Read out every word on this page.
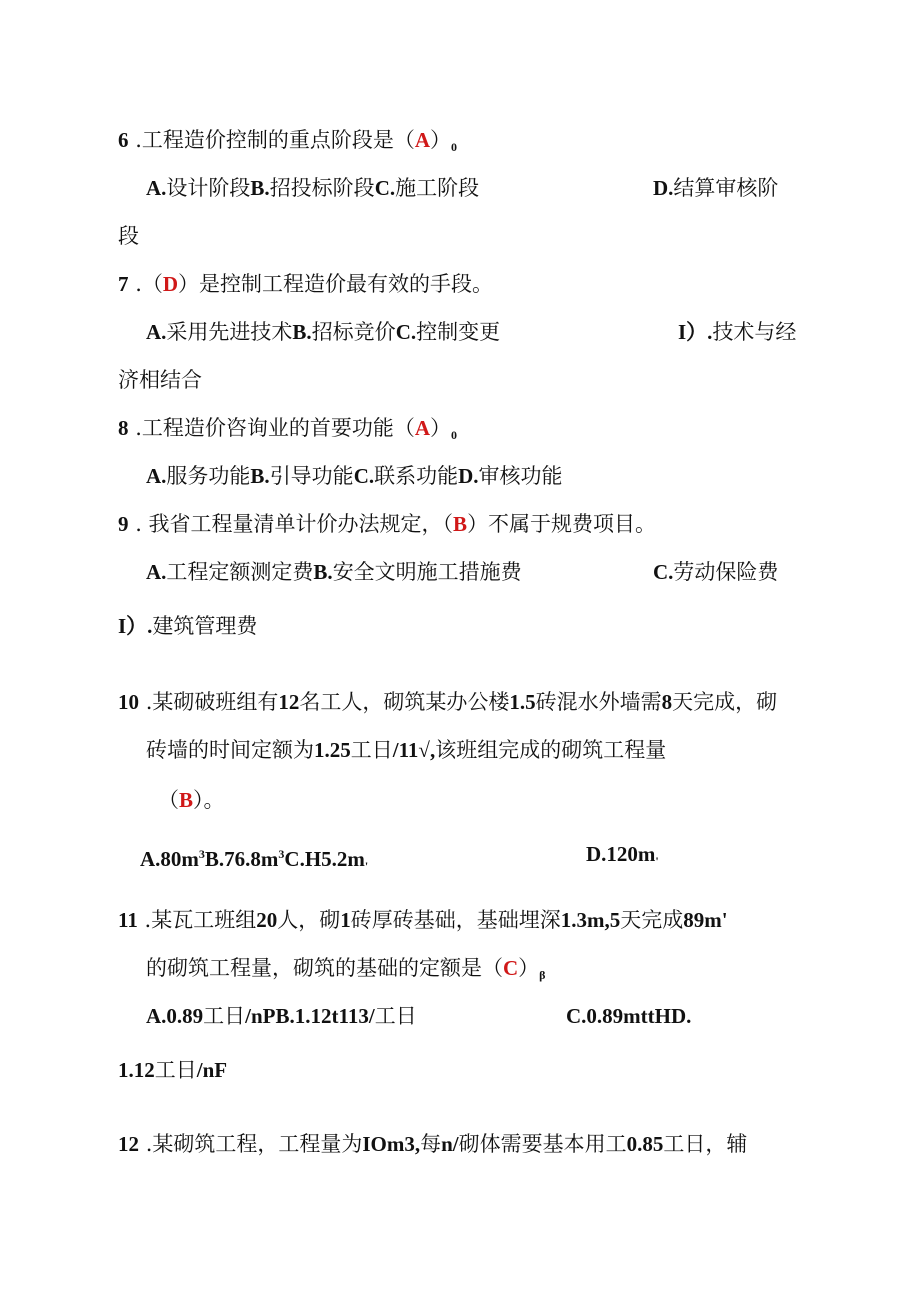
6 .工程造价控制的重点阶段是$(A)_0$
A.设计阶段B.招投标阶段C.施工阶段	D.结算审核阶
段
7 .（D）是控制工程造价最有效的手段。
A.采用先进技术B.招标竞价C.控制变更	I）.技术与经
济相结合
8 .工程造价咨询业的首要功能$(A)_0$
A.服务功能B.引导功能C.联系功能D.审核功能
9 . 我省工程量清单计价办法规定，（B）不属于规费项目。
A.工程定额测定费B.安全文明施工措施费	C.劳动保险费
I）.建筑管理费
10 .某砌破班组有12名工人，砌筑某办公楼1.5砖混水外墙需8天完成，砌
砖墙的时间定额为1.25工日/11√,该班组完成的砌筑工程量
（B）。
$A.80m^3B.76.8m^3C.H5.2m'$	$D.120m'$
11 .某瓦工班组20人，砌1砖厚砖基础，基础埋深1.3m,5天完成89m'
的砌筑工程量，砌筑的基础的定额是$(C)_\beta$
A.0.89工日/nPB.1.12t113/工日	C.0.89mttHD.
1.12工日/nF
12 .某砌筑工程，工程量为IOm3,每n/砌体需要基本用工0.85工日，辅
